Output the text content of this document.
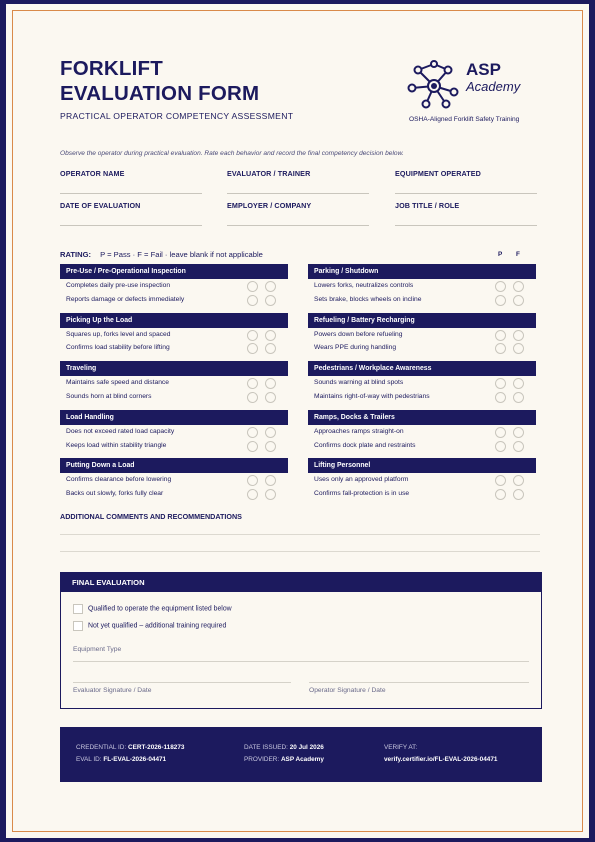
FORKLIFT
EVALUATION FORM
PRACTICAL OPERATOR COMPETENCY ASSESSMENT
ASP
Academy
OSHA-Aligned Forklift Safety Training
Observe the operator during practical evaluation. Rate each behavior and record the final competency decision below.
OPERATOR NAME	EVALUATOR / TRAINER	EQUIPMENT OPERATED
DATE OF EVALUATION	EMPLOYER / COMPANY	JOB TITLE / ROLE
RATING: P = Pass · F = Fail · leave blank if not applicable	P F
Pre-Use / Pre-Operational Inspection
Completes daily pre-use inspection
Reports damage or defects immediately
Picking Up the Load
Squares up, forks level and spaced
Confirms load stability before lifting
Traveling
Maintains safe speed and distance
Sounds horn at blind corners
Load Handling
Does not exceed rated load capacity
Keeps load within stability triangle
Putting Down a Load
Confirms clearance before lowering
Backs out slowly, forks fully clear
Parking / Shutdown
Lowers forks, neutralizes controls
Sets brake, blocks wheels on incline
Refueling / Battery Recharging
Powers down before refueling
Wears PPE during handling
Pedestrians / Workplace Awareness
Sounds warning at blind spots
Maintains right-of-way with pedestrians
Ramps, Docks & Trailers
Approaches ramps straight-on
Confirms dock plate and restraints
Lifting Personnel
Uses only an approved platform
Confirms fall-protection is in use
ADDITIONAL COMMENTS AND RECOMMENDATIONS
FINAL EVALUATION
Qualified to operate the equipment listed below
Not yet qualified – additional training required
Equipment Type
Evaluator Signature / Date	Operator Signature / Date
CREDENTIAL ID: CERT-2026-118273
EVAL ID: FL-EVAL-2026-04471
DATE ISSUED: 20 Jul 2026
PROVIDER: ASP Academy
VERIFY AT:
verify.certifier.io/FL-EVAL-2026-04471
